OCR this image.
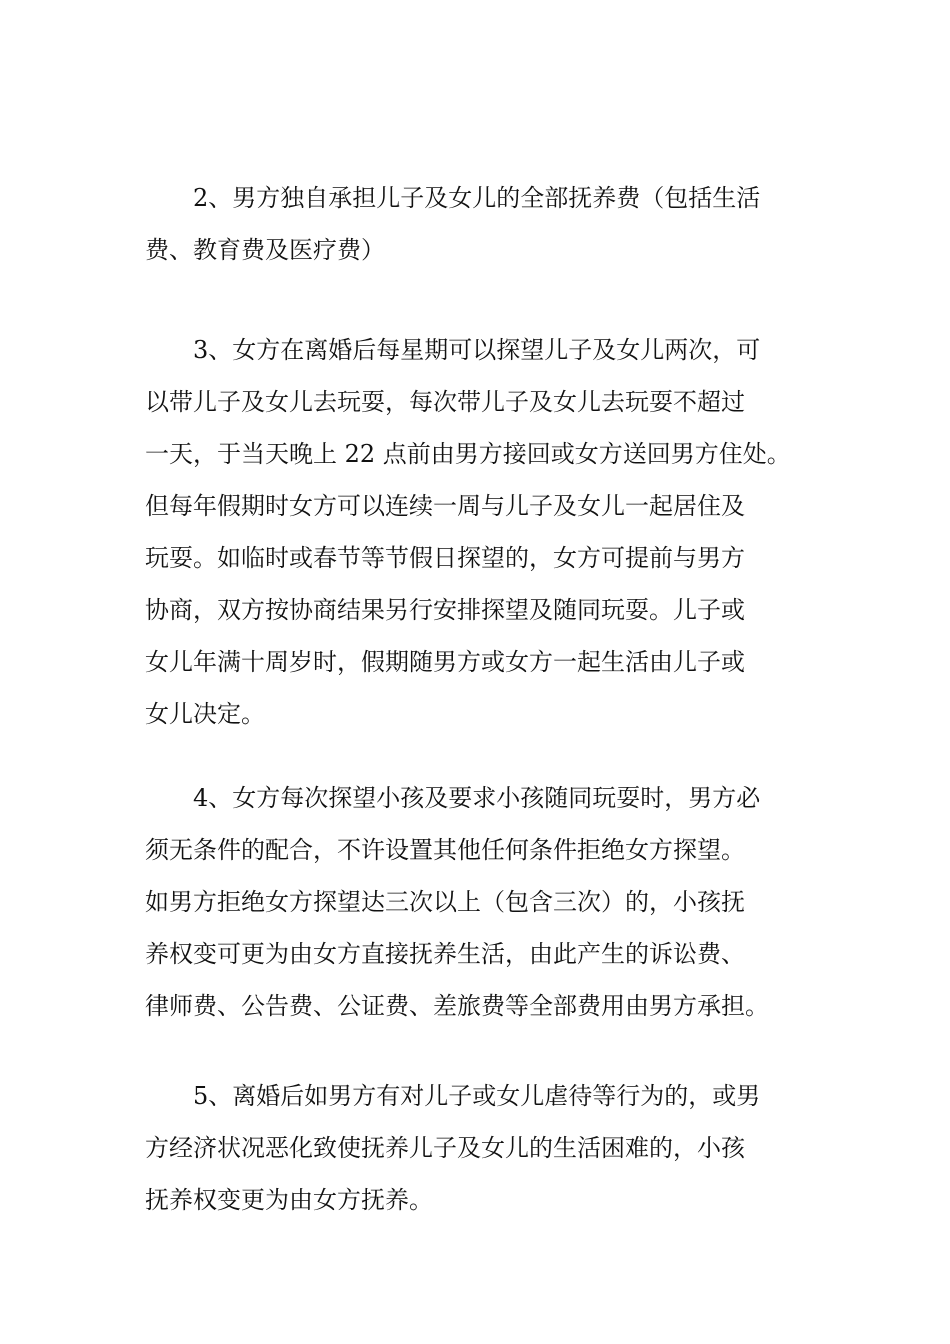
2、男方独自承担儿子及女儿的全部抚养费（包括生活
费、教育费及医疗费）
3、女方在离婚后每星期可以探望儿子及女儿两次，可
以带儿子及女儿去玩耍，每次带儿子及女儿去玩耍不超过
一天，于当天晚上 22 点前由男方接回或女方送回男方住处。
但每年假期时女方可以连续一周与儿子及女儿一起居住及
玩耍。如临时或春节等节假日探望的，女方可提前与男方
协商，双方按协商结果另行安排探望及随同玩耍。儿子或
女儿年满十周岁时，假期随男方或女方一起生活由儿子或
女儿决定。
4、女方每次探望小孩及要求小孩随同玩耍时，男方必
须无条件的配合，不许设置其他任何条件拒绝女方探望。
如男方拒绝女方探望达三次以上（包含三次）的，小孩抚
养权变可更为由女方直接抚养生活，由此产生的诉讼费、
律师费、公告费、公证费、差旅费等全部费用由男方承担。
5、离婚后如男方有对儿子或女儿虐待等行为的，或男
方经济状况恶化致使抚养儿子及女儿的生活困难的，小孩
抚养权变更为由女方抚养。
